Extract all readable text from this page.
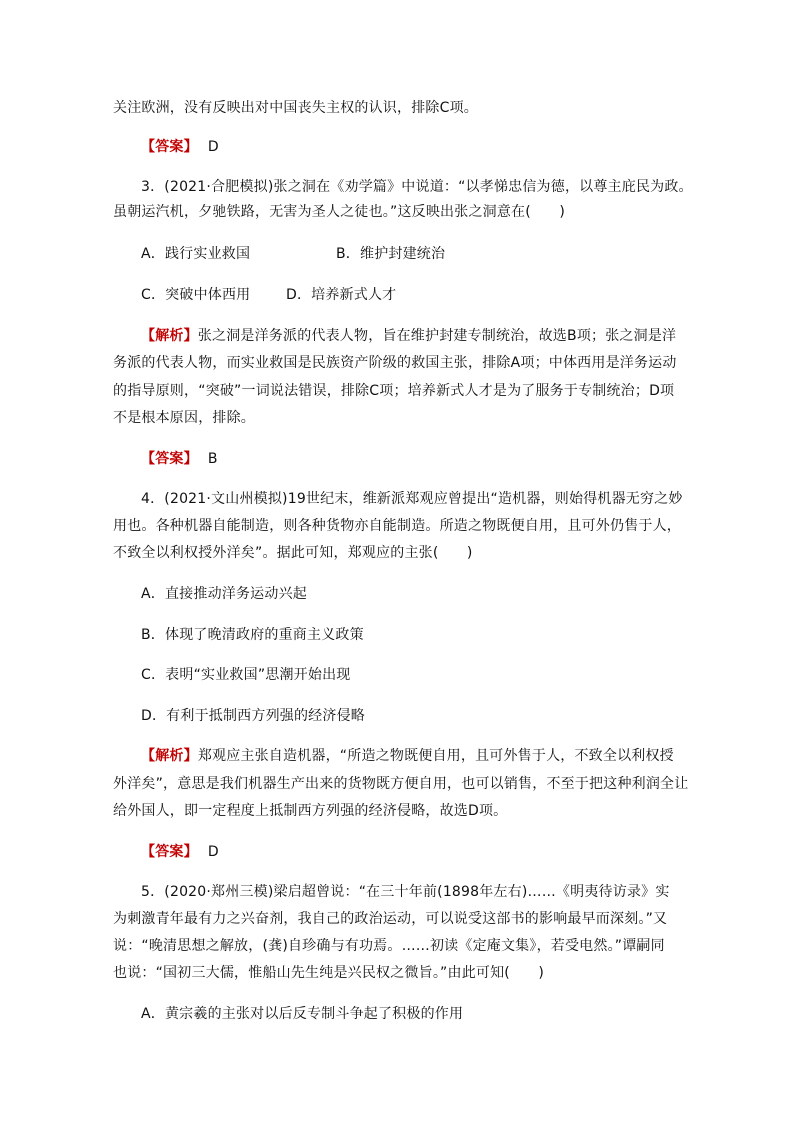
关注欧洲，没有反映出对中国丧失主权的认识，排除C项。
【答案】 D
3．(2021·合肥模拟)张之洞在《劝学篇》中说道：“以孝悌忠信为德，以尊主庇民为政。
虽朝运汽机，夕驰铁路，无害为圣人之徒也。”这反映出张之洞意在(　　)
A．践行实业救国	B．维护封建统治
C．突破中体西用	D．培养新式人才
【解析】张之洞是洋务派的代表人物，旨在维护封建专制统治，故选B项；张之洞是洋
务派的代表人物，而实业救国是民族资产阶级的救国主张，排除A项；中体西用是洋务运动
的指导原则，“突破”一词说法错误，排除C项；培养新式人才是为了服务于专制统治；D项
不是根本原因，排除。
【答案】 B
4．(2021·文山州模拟)19世纪末，维新派郑观应曾提出“造机器，则始得机器无穷之妙
用也。各种机器自能制造，则各种货物亦自能制造。所造之物既便自用，且可外仍售于人，
不致全以利权授外洋矣”。据此可知，郑观应的主张(　　)
A．直接推动洋务运动兴起
B．体现了晚清政府的重商主义政策
C．表明“实业救国”思潮开始出现
D．有利于抵制西方列强的经济侵略
【解析】郑观应主张自造机器，“所造之物既便自用，且可外售于人，不致全以利权授
外洋矣”，意思是我们机器生产出来的货物既方便自用，也可以销售，不至于把这种利润全让
给外国人，即一定程度上抵制西方列强的经济侵略，故选D项。
【答案】 D
5．(2020·郑州三模)梁启超曾说：“在三十年前(1898年左右)……《明夷待访录》实
为刺激青年最有力之兴奋剂，我自己的政治运动，可以说受这部书的影响最早而深刻。”又
说：“晚清思想之解放，(龚)自珍确与有功焉。……初读《定庵文集》，若受电然。”谭嗣同
也说：“国初三大儒，惟船山先生纯是兴民权之微旨。”由此可知(　　)
A．黄宗羲的主张对以后反专制斗争起了积极的作用
